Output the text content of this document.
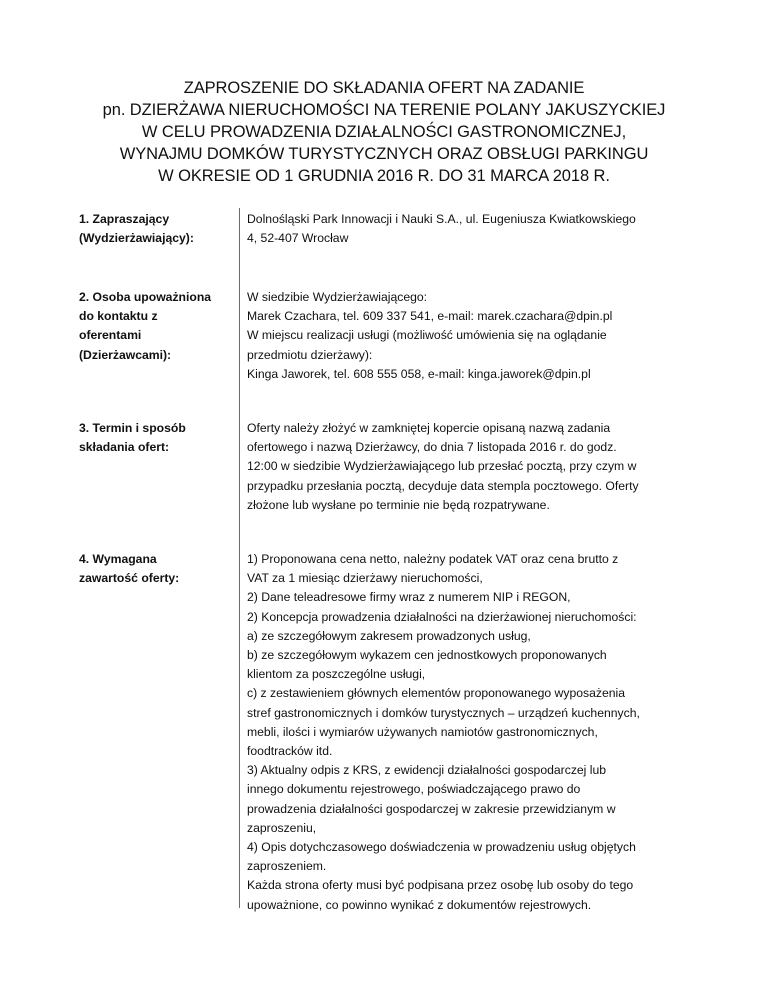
ZAPROSZENIE DO SKŁADANIA OFERT NA ZADANIE
pn. DZIERŻAWA NIERUCHOMOŚCI NA TERENIE POLANY JAKUSZYCKIEJ
W CELU PROWADZENIA DZIAŁALNOŚCI GASTRONOMICZNEJ,
WYNAJMU DOMKÓW TURYSTYCZNYCH ORAZ OBSŁUGI PARKINGU
W OKRESIE OD 1 GRUDNIA 2016 R. DO 31 MARCA 2018 R.
1. Zapraszający
(Wydzierżawiający):
Dolnośląski Park Innowacji i Nauki S.A., ul. Eugeniusza Kwiatkowskiego
4, 52-407 Wrocław
2. Osoba upoważniona
do kontaktu z
oferentami
(Dzierżawcami):
W siedzibie Wydzierżawiającego:
Marek Czachara, tel. 609 337 541, e-mail: marek.czachara@dpin.pl
W miejscu realizacji usługi (możliwość umówienia się na oglądanie
przedmiotu dzierżawy):
Kinga Jaworek, tel. 608 555 058, e-mail: kinga.jaworek@dpin.pl
3. Termin i sposób
składania ofert:
Oferty należy złożyć w zamkniętej kopercie opisaną nazwą zadania
ofertowego i nazwą Dzierżawcy, do dnia 7 listopada 2016 r. do godz.
12:00 w siedzibie Wydzierżawiającego lub przesłać pocztą, przy czym w
przypadku przesłania pocztą, decyduje data stempla pocztowego. Oferty
złożone lub wysłane po terminie nie będą rozpatrywane.
4. Wymagana
zawartość oferty:
1) Proponowana cena netto, należny podatek VAT oraz cena brutto z
VAT za 1 miesiąc dzierżawy nieruchomości,
2) Dane teleadresowe firmy wraz z numerem NIP i REGON,
2) Koncepcja prowadzenia działalności na dzierżawionej nieruchomości:
a) ze szczegółowym zakresem prowadzonych usług,
b) ze szczegółowym wykazem cen jednostkowych proponowanych
klientom za poszczególne usługi,
c) z zestawieniem głównych elementów proponowanego wyposażenia
stref gastronomicznych i domków turystycznych – urządzeń kuchennych,
mebli, ilości i wymiarów używanych namiotów gastronomicznych,
foodtracków itd.
3) Aktualny odpis z KRS, z ewidencji działalności gospodarczej lub
innego dokumentu rejestrowego, poświadczającego prawo do
prowadzenia działalności gospodarczej w zakresie przewidzianym w
zaproszeniu,
4) Opis dotychczasowego doświadczenia w prowadzeniu usług objętych
zaproszeniem.
Każda strona oferty musi być podpisana przez osobę lub osoby do tego
upoważnione, co powinno wynikać z dokumentów rejestrowych.
